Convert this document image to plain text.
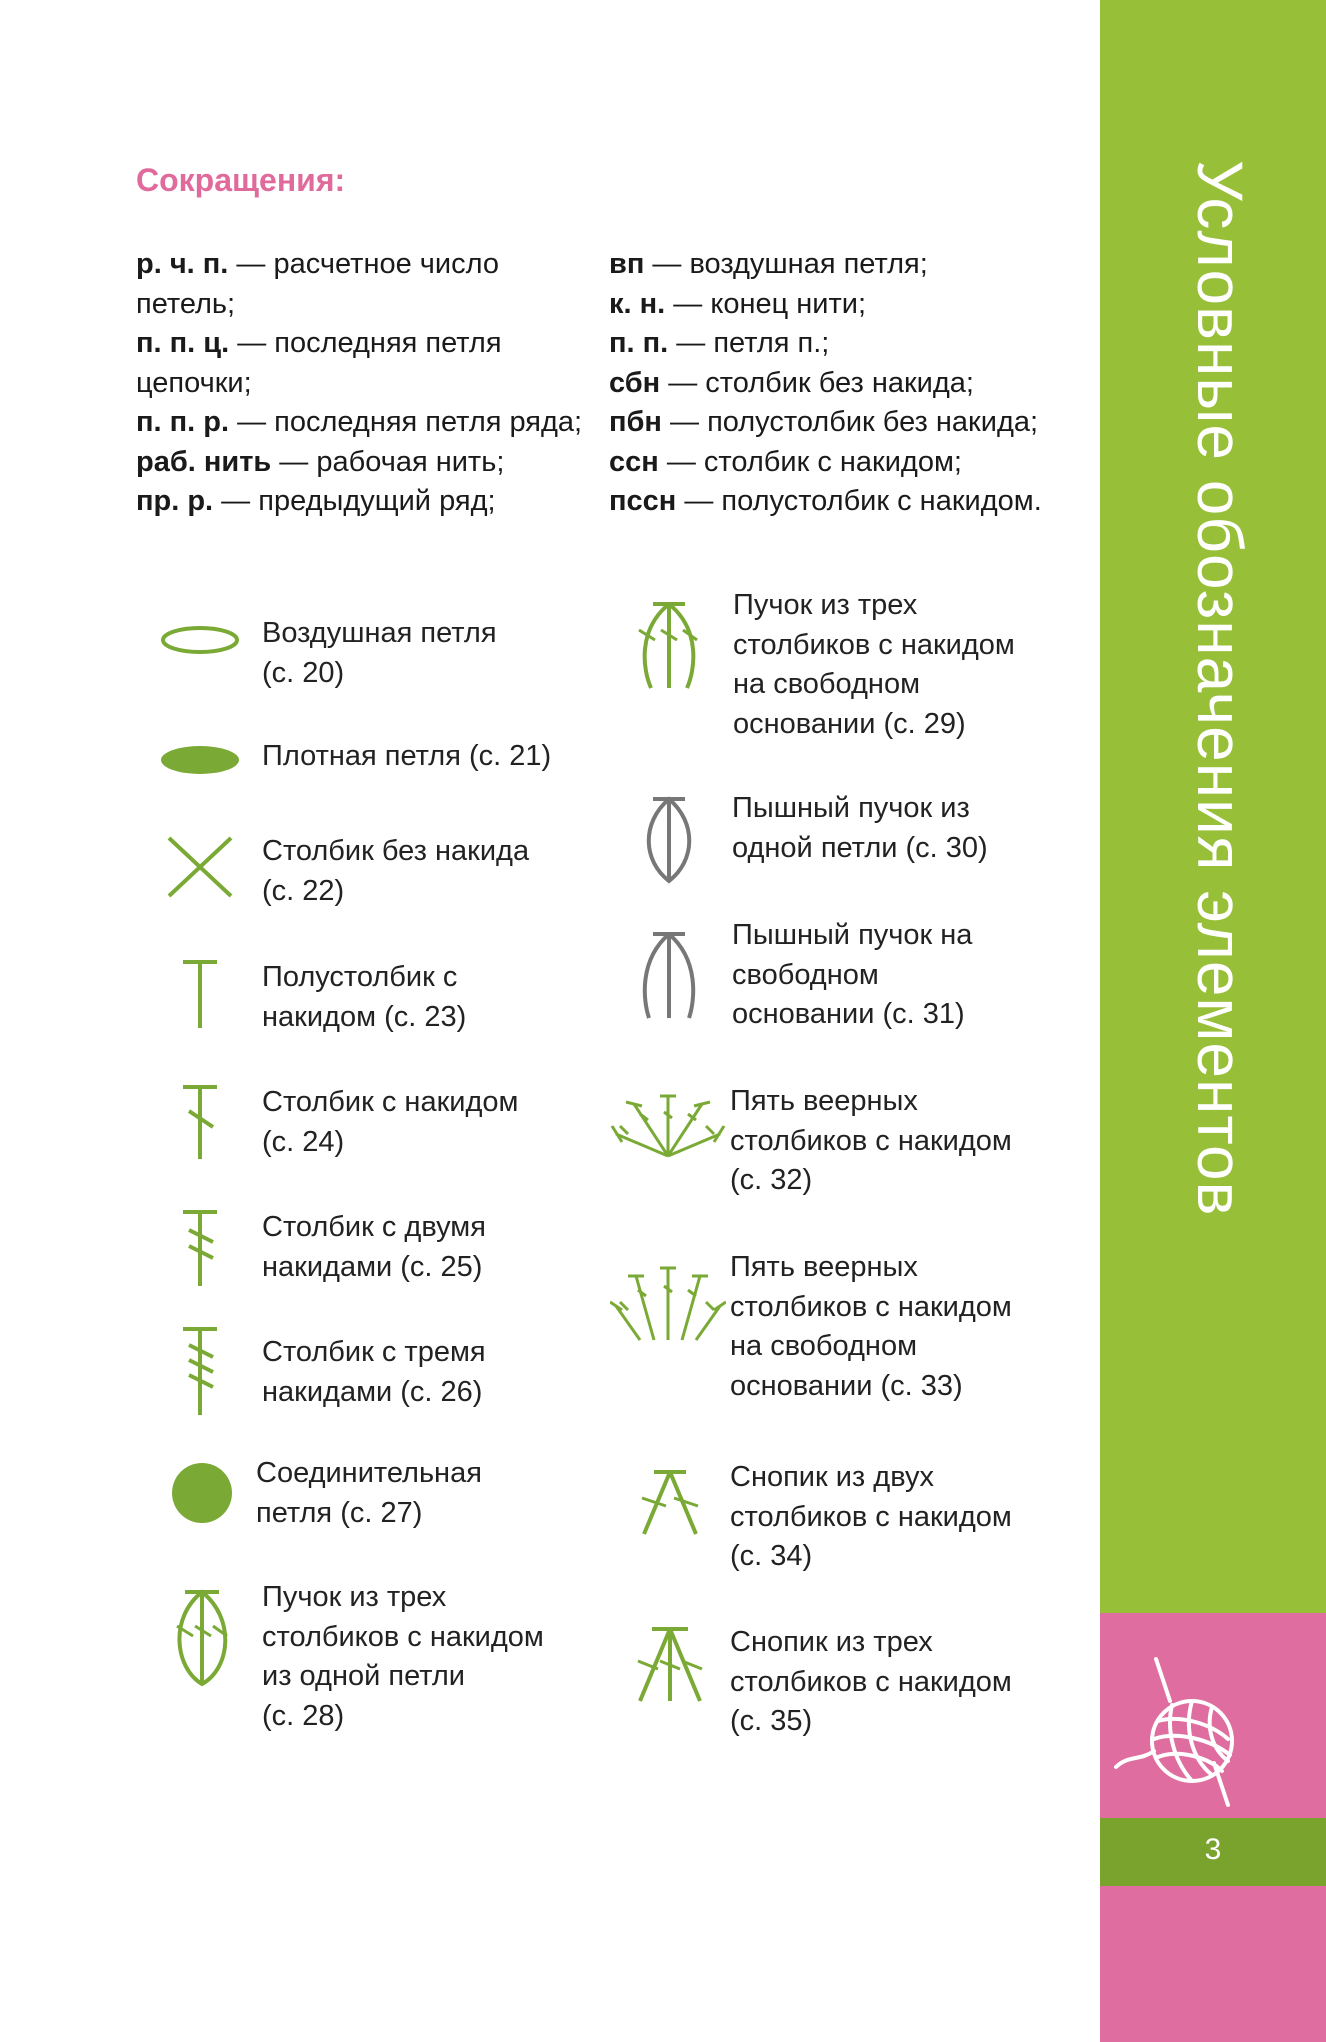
Сокращения:
р. ч. п. — расчетное число петель;
п. п. ц. — последняя петля цепочки;
п. п. р. — последняя петля ряда;
раб. нить — рабочая нить;
пр. р. — предыдущий ряд;
вп — воздушная петля;
к. н. — конец нити;
п. п. — петля п.;
сбн — столбик без накида;
пбн — полустолбик без накида;
ссн — столбик с накидом;
пссн — полустолбик с накидом.
Воздушная петля
(с. 20)
Плотная петля (с. 21)
Столбик без накида
(с. 22)
Полустолбик с
накидом (с. 23)
Столбик с накидом
(с. 24)
Столбик с двумя
накидами (с. 25)
Столбик с тремя
накидами (с. 26)
Соединительная
петля (с. 27)
Пучок из трех
столбиков с накидом
из одной петли
(с. 28)
Пучок из трех
столбиков с накидом
на свободном
основании (с. 29)
Пышный пучок из
одной петли (с. 30)
Пышный пучок на
свободном
основании (с. 31)
Пять веерных
столбиков с накидом
(с. 32)
Пять веерных
столбиков с накидом
на свободном
основании (с. 33)
Снопик из двух
столбиков с накидом
(с. 34)
Снопик из трех
столбиков с накидом
(с. 35)
Условные обозначения элементов
3
